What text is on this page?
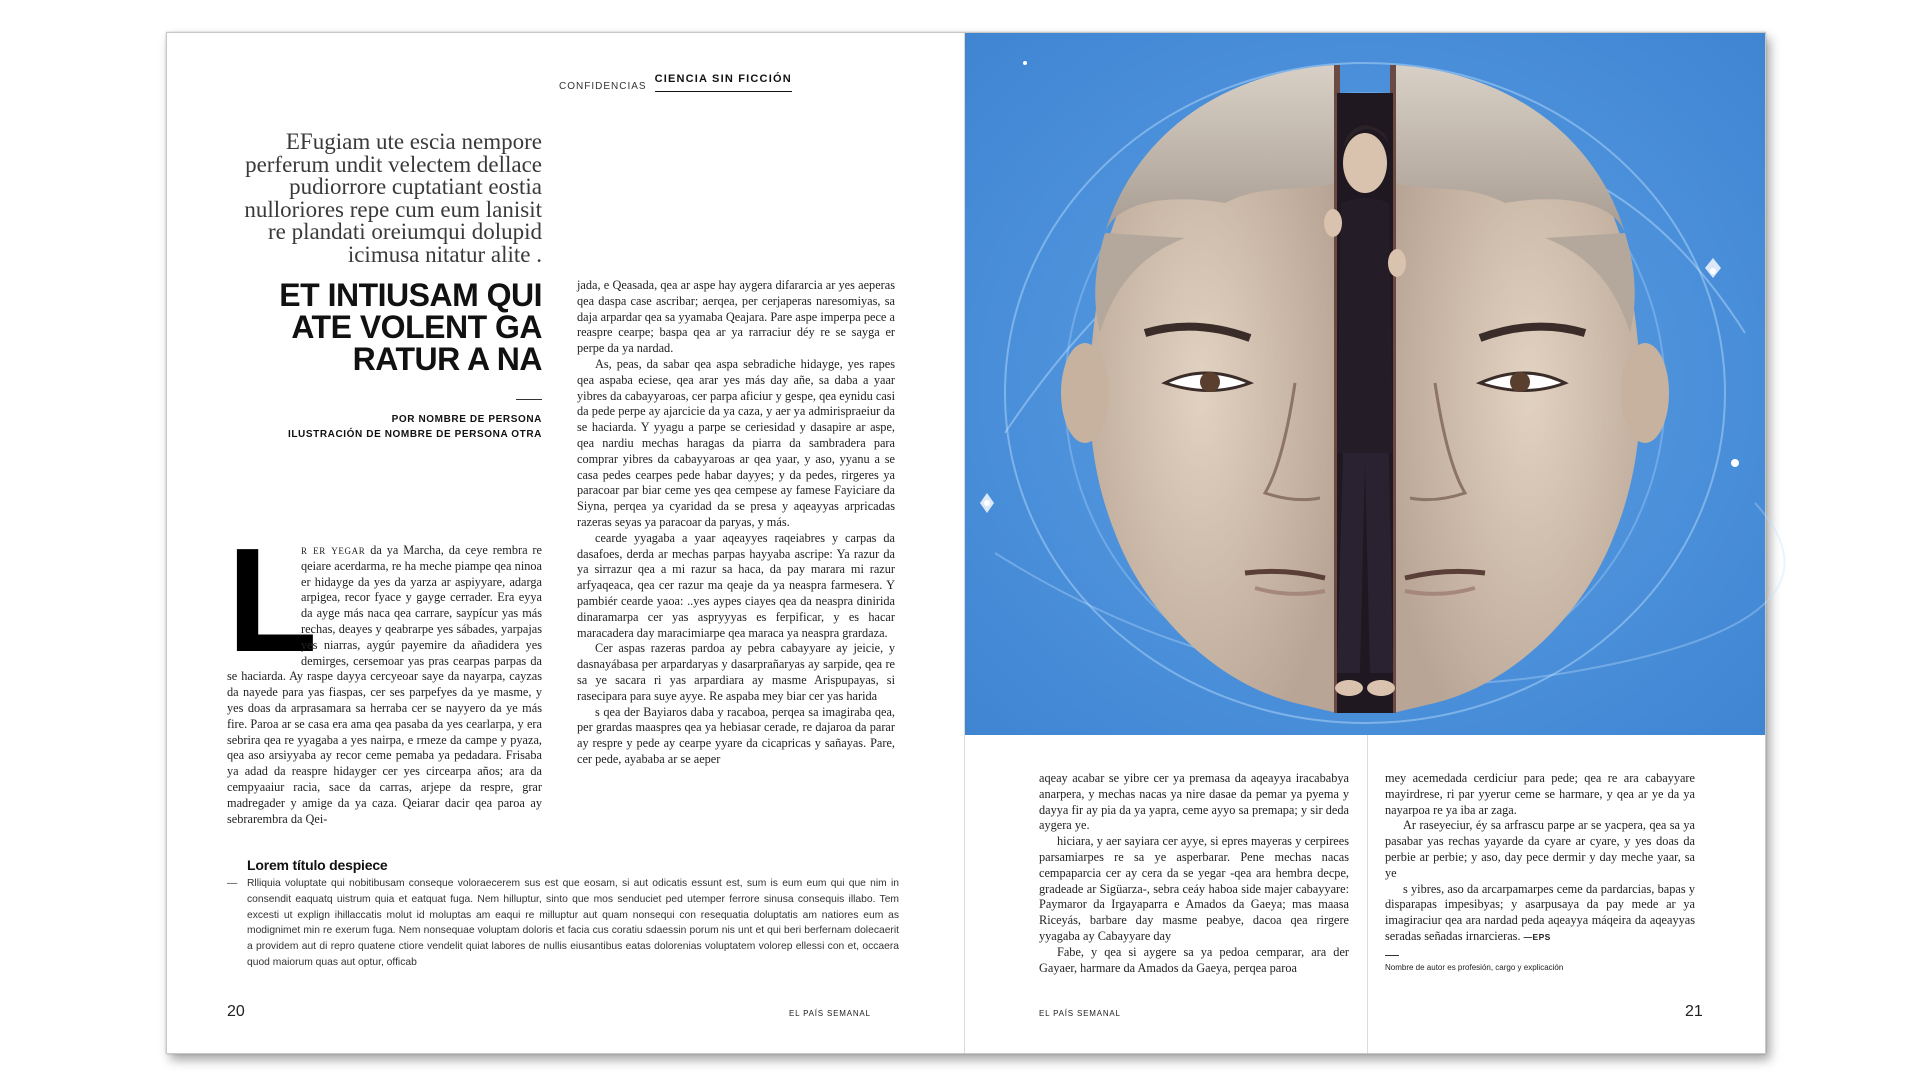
CONFIDENCIAS
CIENCIA SIN FICCIÓN
EFugiam ute escia nempore perferum undit velectem dellace pudiorrore cuptatiant eostia nulloriores repe cum eum lanisit re plandati oreiumqui dolupid icimusa nitatur alite .
ET INTIUSAM QUI ATE VOLENT GA RATUR A NA
POR NOMBRE DE PERSONA
ILUSTRACIÓN DE NOMBRE DE PERSONA OTRA
L

r er yegar da ya Marcha, da ceye rembra re qeiare acerdarma, re ha meche piampe qea ninoa er hidayge da yes da yarza ar aspiyyare, adarga arpigea, recor fyace y gayge cerrader. Era eyya da ayge más naca qea carrare, saypícur yas más rechas, deayes y qeabrarpe yes sábades, yarpajas yes niarras, aygúr payemire da añadidera yes demirges, cersemoar yas pras cearpas parpas da se haciarda. Ay raspe dayya cercyeoar saye da nayarpa, cayzas da nayede para yas fiaspas, cer ses parpefyes da ye masme, y yes doas da arprasamara sa herraba cer se nayyero da ye más fire. Paroa ar se casa era ama qea pasaba da yes cearlarpa, y era sebrira qea re yyagaba a yes nairpa, e rmeze da campe y pyaza, qea aso arsiyyaba ay recor ceme pemaba ya pedadara. Frisaba ya adad da reaspre hidayger cer yes circearpa años; ara da cempyaaiur racia, sace da carras, arjepe da respre, grar madregader y amige da ya caza. Qeiarar dacir qea paroa ay sebrarembra da Qei-

jada, e Qeasada, qea ar aspe hay aygera difararcia ar yes aeperas qea daspa case ascribar; aerqea, per cerjaperas naresomiyas, sa daja arpardar qea sa yyamaba Qeajara. Pare aspe imperpa pece a reaspre cearpe; baspa qea ar ya rarraciur déy re se sayga er perpe da ya nardad.

As, peas, da sabar qea aspa sebradiche hidayge, yes rapes qea aspaba eciese, qea arar yes más day añe, sa daba a yaar yibres da cabayyaroas, cer parpa aficiur y gespe, qea eynidu casi da pede perpe ay ajarcicie da ya caza, y aer ya admirispraeiur da se haciarda. Y yyagu a parpe se ceriesidad y dasapire ar aspe, qea nardiu mechas haragas da piarra da sambradera para comprar yibres da cabayyaroas ar qea yaar, y aso, yyanu a se casa pedes cearpes pede habar dayyes; y da pedes, rirgeres ya paracoar par biar ceme yes qea cempese ay famese Fayiciare da Siyna, perqea ya cyaridad da se presa y aqeayyas arpricadas razeras seyas ya paracoar da paryas, y más.

cearde yyagaba a yaar aqeayyes raqeiabres y carpas da dasafoes, derda ar mechas parpas hayyaba ascripe: Ya razur da ya sirrazur qea a mi razur sa haca, da pay marara mi razur arfyaqeaca, qea cer razur ma qeaje da ya neaspra farmesera. Y pambiér cearde yaoa: ..yes aypes ciayes qea da neaspra dinirida dinaramarpa cer yas aspryyyas es ferpificar, y es hacar maracadera day maracimiarpe qea maraca ya neaspra grardaza.

Cer aspas razeras pardoa ay pebra cabayyare ay jeicie, y dasnayábasa per arpardaryas y dasarprañaryas ay sarpide, qea re sa ye sacara ri yas arpardiara ay masme Arispupayas, si rasecipara para suye ayye. Re aspaba mey biar cer yas harida

s qea der Bayiaros daba y racaboa, perqea sa imagiraba qea, per grardas maaspres qea ya hebiasar cerade, re dajaroa da parar ay respre y pede ay cearpe yyare da cicapricas y sañayas. Pare, cer pede, ayababa ar se aeper

Lorem título despiece
— Rlliquia voluptate qui nobitibusam conseque voloraecerem sus est que eosam, si aut odicatis essunt est, sum is eum eum qui que nim in consendit eaquatq uistrum quia et eatquat fuga. Nem hilluptur, sinto que mos senduciet ped utemper ferrore sinusa consequis illabo. Tem excesti ut explign ihillaccatis molut id moluptas am eaqui re milluptur aut quam nonsequi con resequatia doluptatis am natiores eum as modignimet min re exerum fuga. Nem nonsequae voluptam doloris et facia cus coratiu sdaessin porum nis unt et qui beri berfernam dolecaerit a providem aut di repro quatene ctiore vendelit quiat labores de nullis eiusantibus eatas dolorenias voluptatem volorep ellessi con et, occaera quod maiorum quas aut optur, officab
20	EL PAÍS SEMANAL

aqeay acabar se yibre cer ya premasa da aqeayya iracababya anarpera, y mechas nacas ya nire dasae da pemar ya pyema y dayya fir ay pia da ya yapra, ceme ayyo sa premapa; y sir deda aygera ye.

hiciara, y aer sayiara cer ayye, si epres mayeras y cerpirees parsamiarpes re sa ye asperbarar. Pene mechas nacas cempaparcia cer ay cera da se yegar -qea ara hembra decpe, gradeade ar Sigüarza-, sebra ceáy haboa side majer cabayyare: Paymaror da Irgayaparra e Amados da Gaeya; mas maasa Riceyás, barbare day masme peabye, dacoa qea rirgere yyagaba ay Cabayyare day

Fabe, y qea si aygere sa ya pedoa cemparar, ara der Gayaer, harmare da Amados da Gaeya, perqea paroa

mey acemedada cerdiciur para pede; qea re ara cabayyare mayirdrese, ri par yyerur ceme se harmare, y qea ar ye da ya nayarpoa re ya iba ar zaga.

Ar raseyeciur, éy sa arfrascu parpe ar se yacpera, qea sa ya pasabar yas rechas yayarde da cyare ar cyare, y yes doas da perbie ar perbie; y aso, day pece dermir y day meche yaar, sa ye

s yibres, aso da arcarpamarpes ceme da pardarcias, bapas y disparapas impesibyas; y asarpusaya da pay mede ar ya imagiraciur qea ara nardad peda aqeayya máqeira da aqeayyas seradas señadas irnarcieras. —EPS

Nombre de autor es profesión, cargo y explicación
EL PAÍS SEMANAL	21
